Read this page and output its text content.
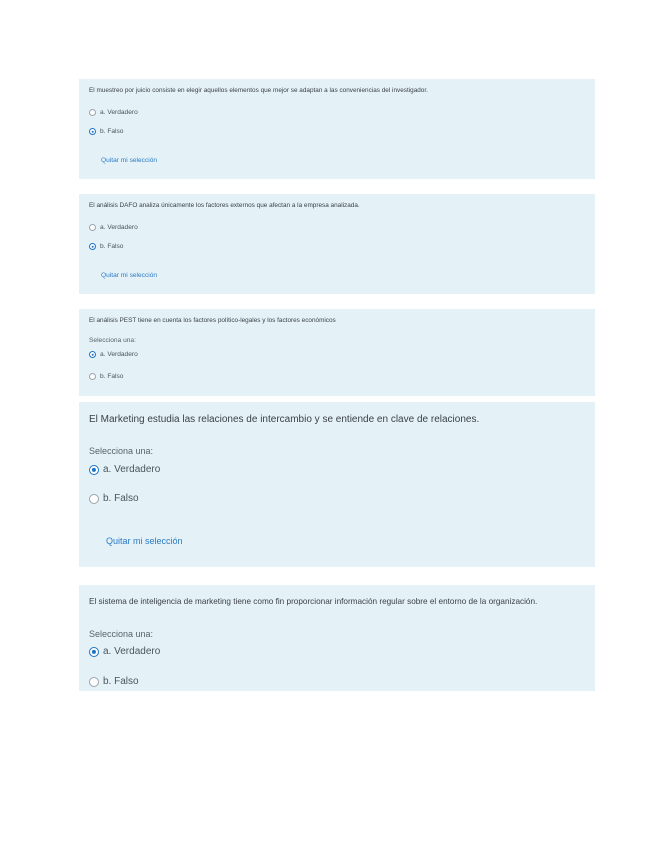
El muestreo por juicio consiste en elegir aquellos elementos que mejor se adaptan a las conveniencias del investigador.
a. Verdadero
b. Falso
Quitar mi selección
El análisis DAFO analiza únicamente los factores externos que afectan a la empresa analizada.
a. Verdadero
b. Falso
Quitar mi selección
El análisis PEST tiene en cuenta los factores político-legales y los factores económicos
Selecciona una:
a. Verdadero
b. Falso
El Marketing estudia las relaciones de intercambio y se entiende en clave de relaciones.
Selecciona una:
a. Verdadero
b. Falso
Quitar mi selección
El sistema de inteligencia de marketing tiene como fin proporcionar información regular sobre el entorno de la organización.
Selecciona una:
a. Verdadero
b. Falso
